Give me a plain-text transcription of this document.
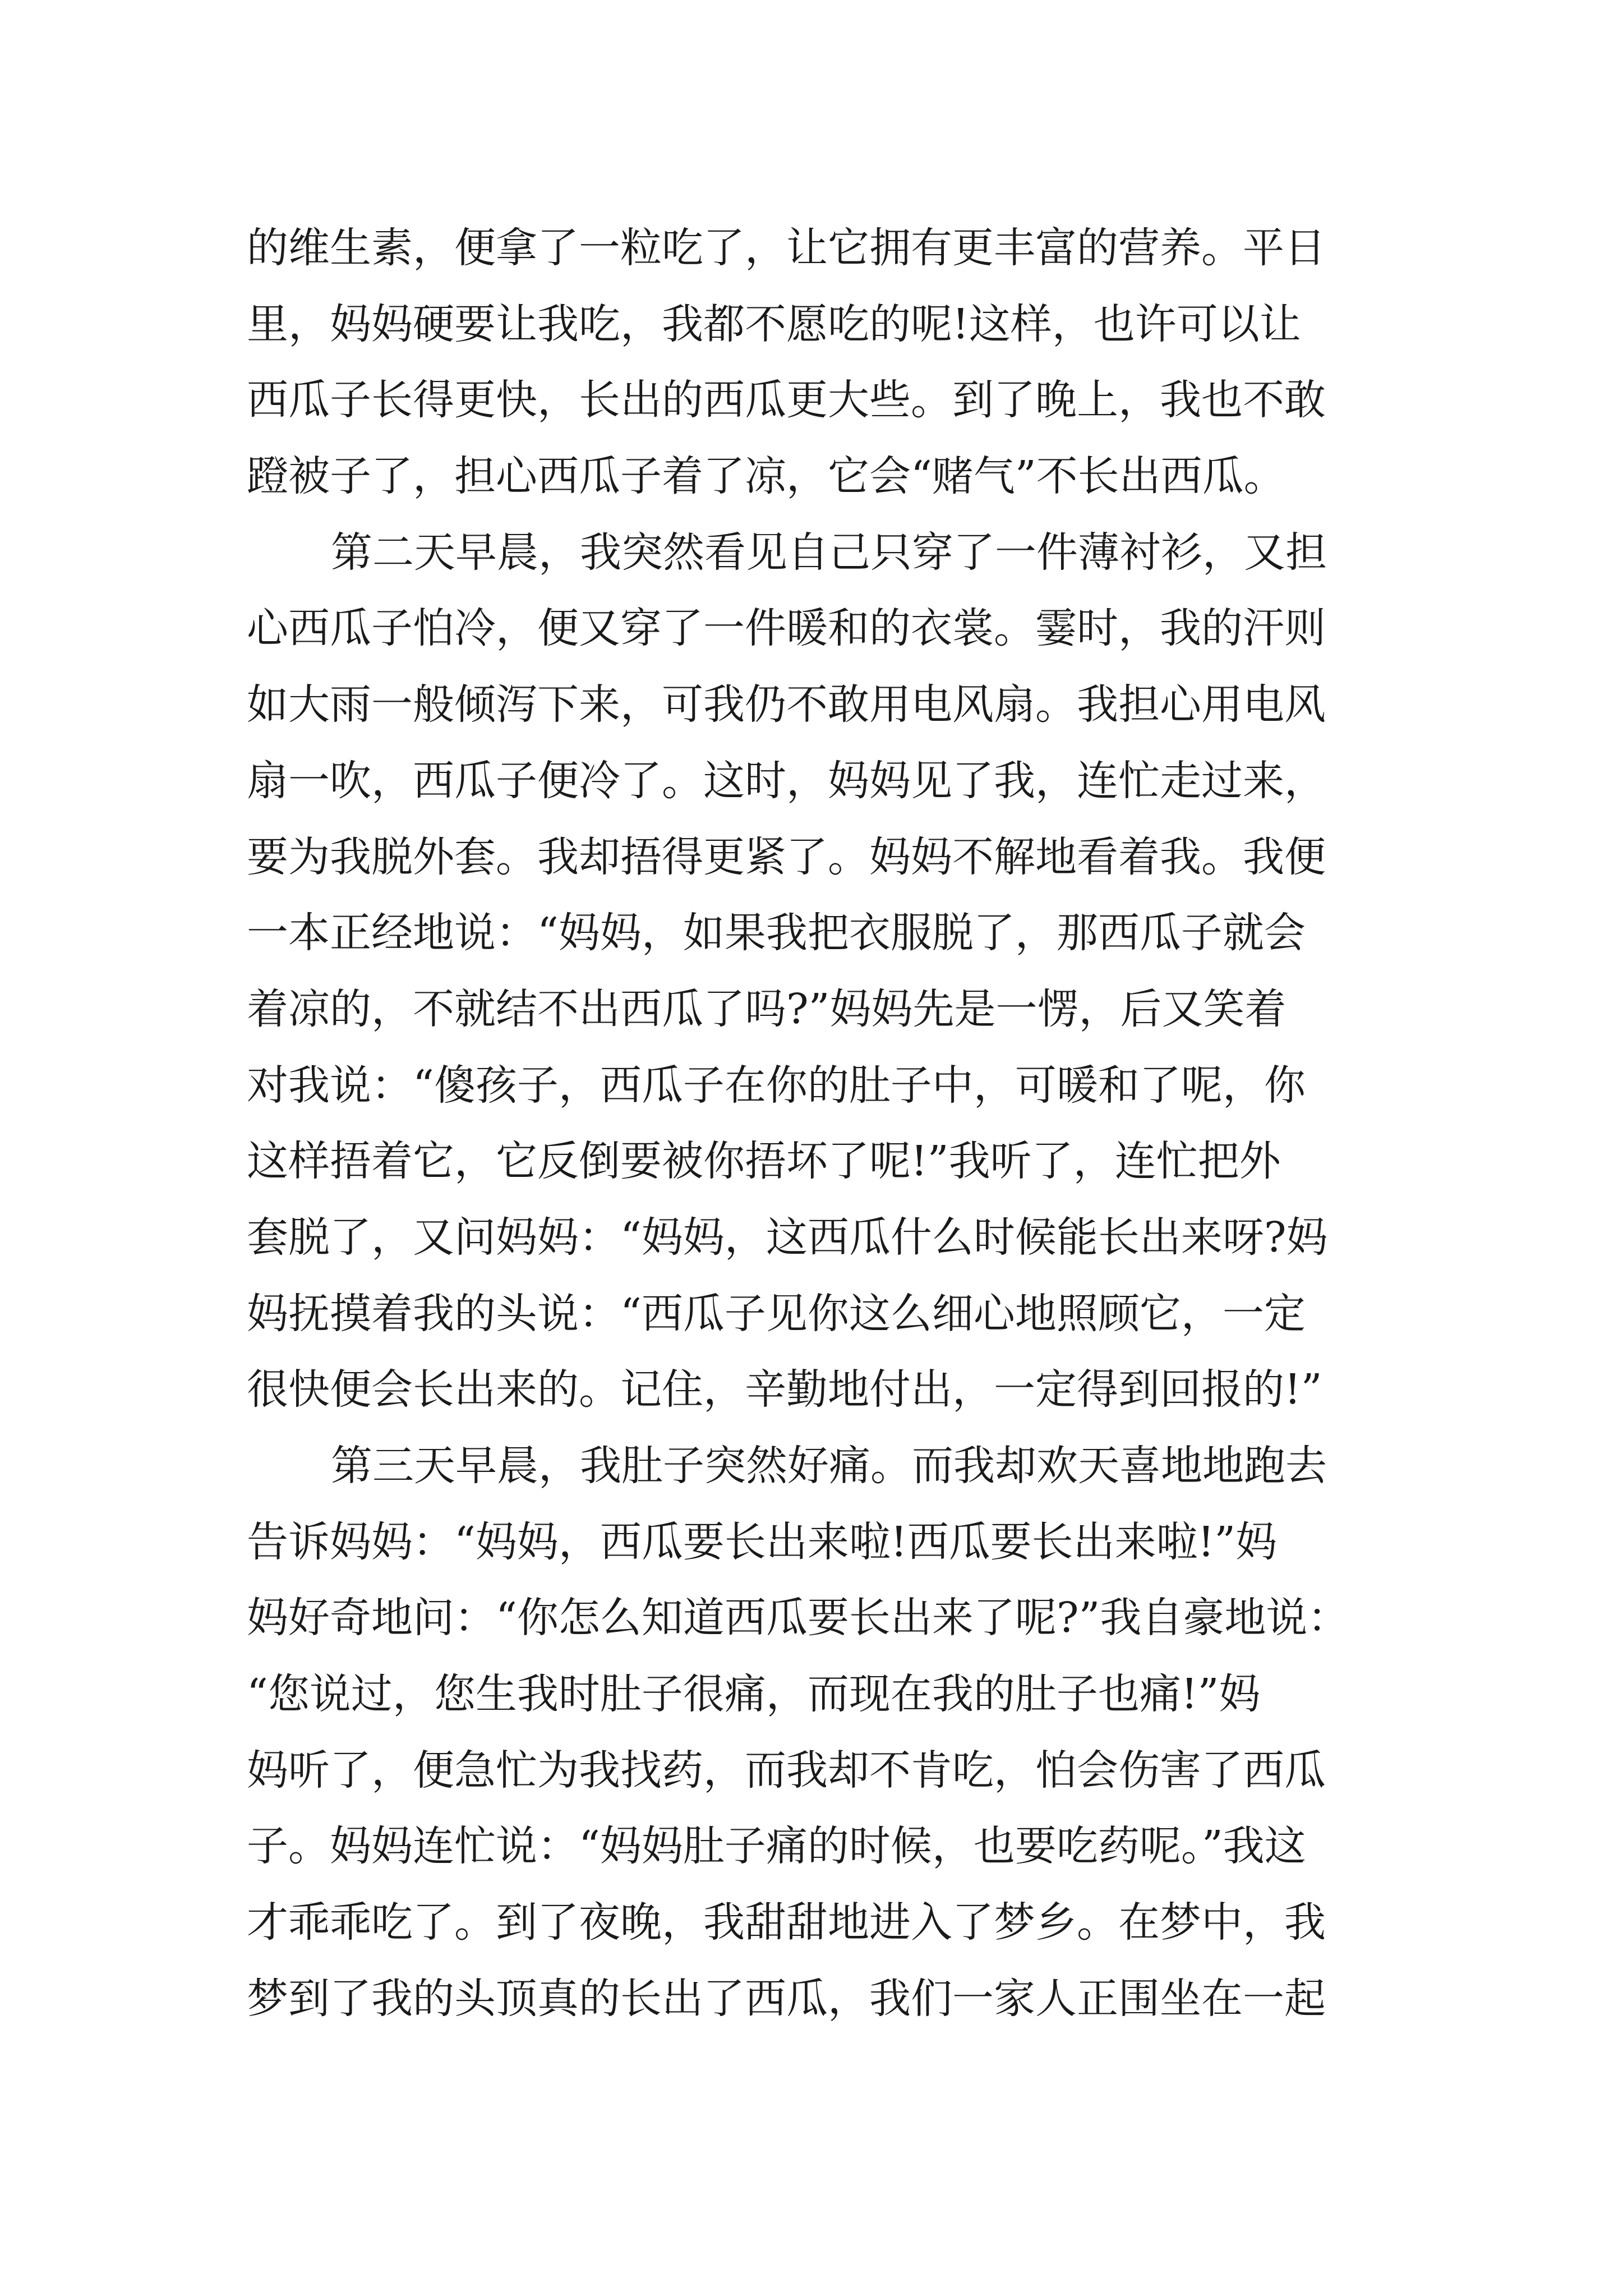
的维生素，便拿了一粒吃了，让它拥有更丰富的营养。平日
里，妈妈硬要让我吃，我都不愿吃的呢!这样，也许可以让
西瓜子长得更快，长出的西瓜更大些。到了晚上，我也不敢
蹬被子了，担心西瓜子着了凉，它会“赌气”不长出西瓜。
第二天早晨，我突然看见自己只穿了一件薄衬衫，又担
心西瓜子怕冷，便又穿了一件暖和的衣裳。霎时，我的汗则
如大雨一般倾泻下来，可我仍不敢用电风扇。我担心用电风
扇一吹，西瓜子便冷了。这时，妈妈见了我，连忙走过来，
要为我脱外套。我却捂得更紧了。妈妈不解地看着我。我便
一本正经地说：“妈妈，如果我把衣服脱了，那西瓜子就会
着凉的，不就结不出西瓜了吗?”妈妈先是一愣，后又笑着
对我说：“傻孩子，西瓜子在你的肚子中，可暖和了呢，你
这样捂着它，它反倒要被你捂坏了呢!”我听了，连忙把外
套脱了，又问妈妈：“妈妈，这西瓜什么时候能长出来呀?妈
妈抚摸着我的头说：“西瓜子见你这么细心地照顾它，一定
很快便会长出来的。记住，辛勤地付出，一定得到回报的!”
第三天早晨，我肚子突然好痛。而我却欢天喜地地跑去
告诉妈妈：“妈妈，西瓜要长出来啦!西瓜要长出来啦!”妈
妈好奇地问：“你怎么知道西瓜要长出来了呢?”我自豪地说：
“您说过，您生我时肚子很痛，而现在我的肚子也痛!”妈
妈听了，便急忙为我找药，而我却不肯吃，怕会伤害了西瓜
子。妈妈连忙说：“妈妈肚子痛的时候，也要吃药呢。”我这
才乖乖吃了。到了夜晚，我甜甜地进入了梦乡。在梦中，我
梦到了我的头顶真的长出了西瓜，我们一家人正围坐在一起
